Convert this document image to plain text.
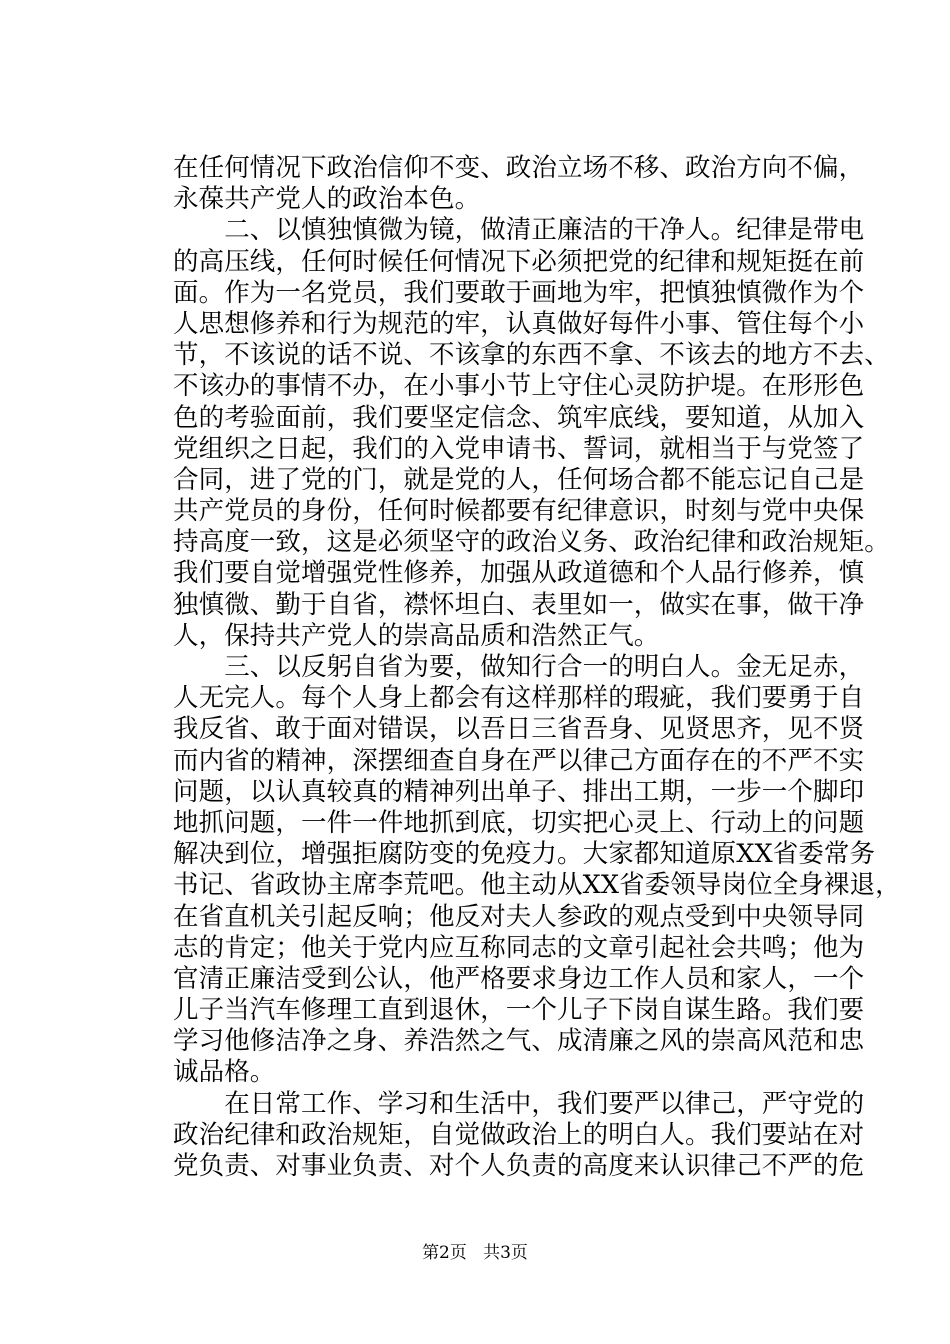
在任何情况下政治信仰不变、政治立场不移、政治方向不偏，
永葆共产党人的政治本色。
　　二、以慎独慎微为镜，做清正廉洁的干净人。纪律是带电
的高压线，任何时候任何情况下必须把党的纪律和规矩挺在前
面。作为一名党员，我们要敢于画地为牢，把慎独慎微作为个
人思想修养和行为规范的牢，认真做好每件小事、管住每个小
节，不该说的话不说、不该拿的东西不拿、不该去的地方不去、
不该办的事情不办，在小事小节上守住心灵防护堤。在形形色
色的考验面前，我们要坚定信念、筑牢底线，要知道，从加入
党组织之日起，我们的入党申请书、誓词，就相当于与党签了
合同，进了党的门，就是党的人，任何场合都不能忘记自己是
共产党员的身份，任何时候都要有纪律意识，时刻与党中央保
持高度一致，这是必须坚守的政治义务、政治纪律和政治规矩。
我们要自觉增强党性修养，加强从政道德和个人品行修养，慎
独慎微、勤于自省，襟怀坦白、表里如一，做实在事，做干净
人，保持共产党人的崇高品质和浩然正气。
　　三、以反躬自省为要，做知行合一的明白人。金无足赤，
人无完人。每个人身上都会有这样那样的瑕疵，我们要勇于自
我反省、敢于面对错误，以吾日三省吾身、见贤思齐，见不贤
而内省的精神，深摆细查自身在严以律己方面存在的不严不实
问题，以认真较真的精神列出单子、排出工期，一步一个脚印
地抓问题，一件一件地抓到底，切实把心灵上、行动上的问题
解决到位，增强拒腐防变的免疫力。大家都知道原XX省委常务
书记、省政协主席李荒吧。他主动从XX省委领导岗位全身裸退，
在省直机关引起反响；他反对夫人参政的观点受到中央领导同
志的肯定；他关于党内应互称同志的文章引起社会共鸣；他为
官清正廉洁受到公认，他严格要求身边工作人员和家人，一个
儿子当汽车修理工直到退休，一个儿子下岗自谋生路。我们要
学习他修洁净之身、养浩然之气、成清廉之风的崇高风范和忠
诚品格。
　　在日常工作、学习和生活中，我们要严以律己，严守党的
政治纪律和政治规矩，自觉做政治上的明白人。我们要站在对
党负责、对事业负责、对个人负责的高度来认识律己不严的危
第2页 共3页
